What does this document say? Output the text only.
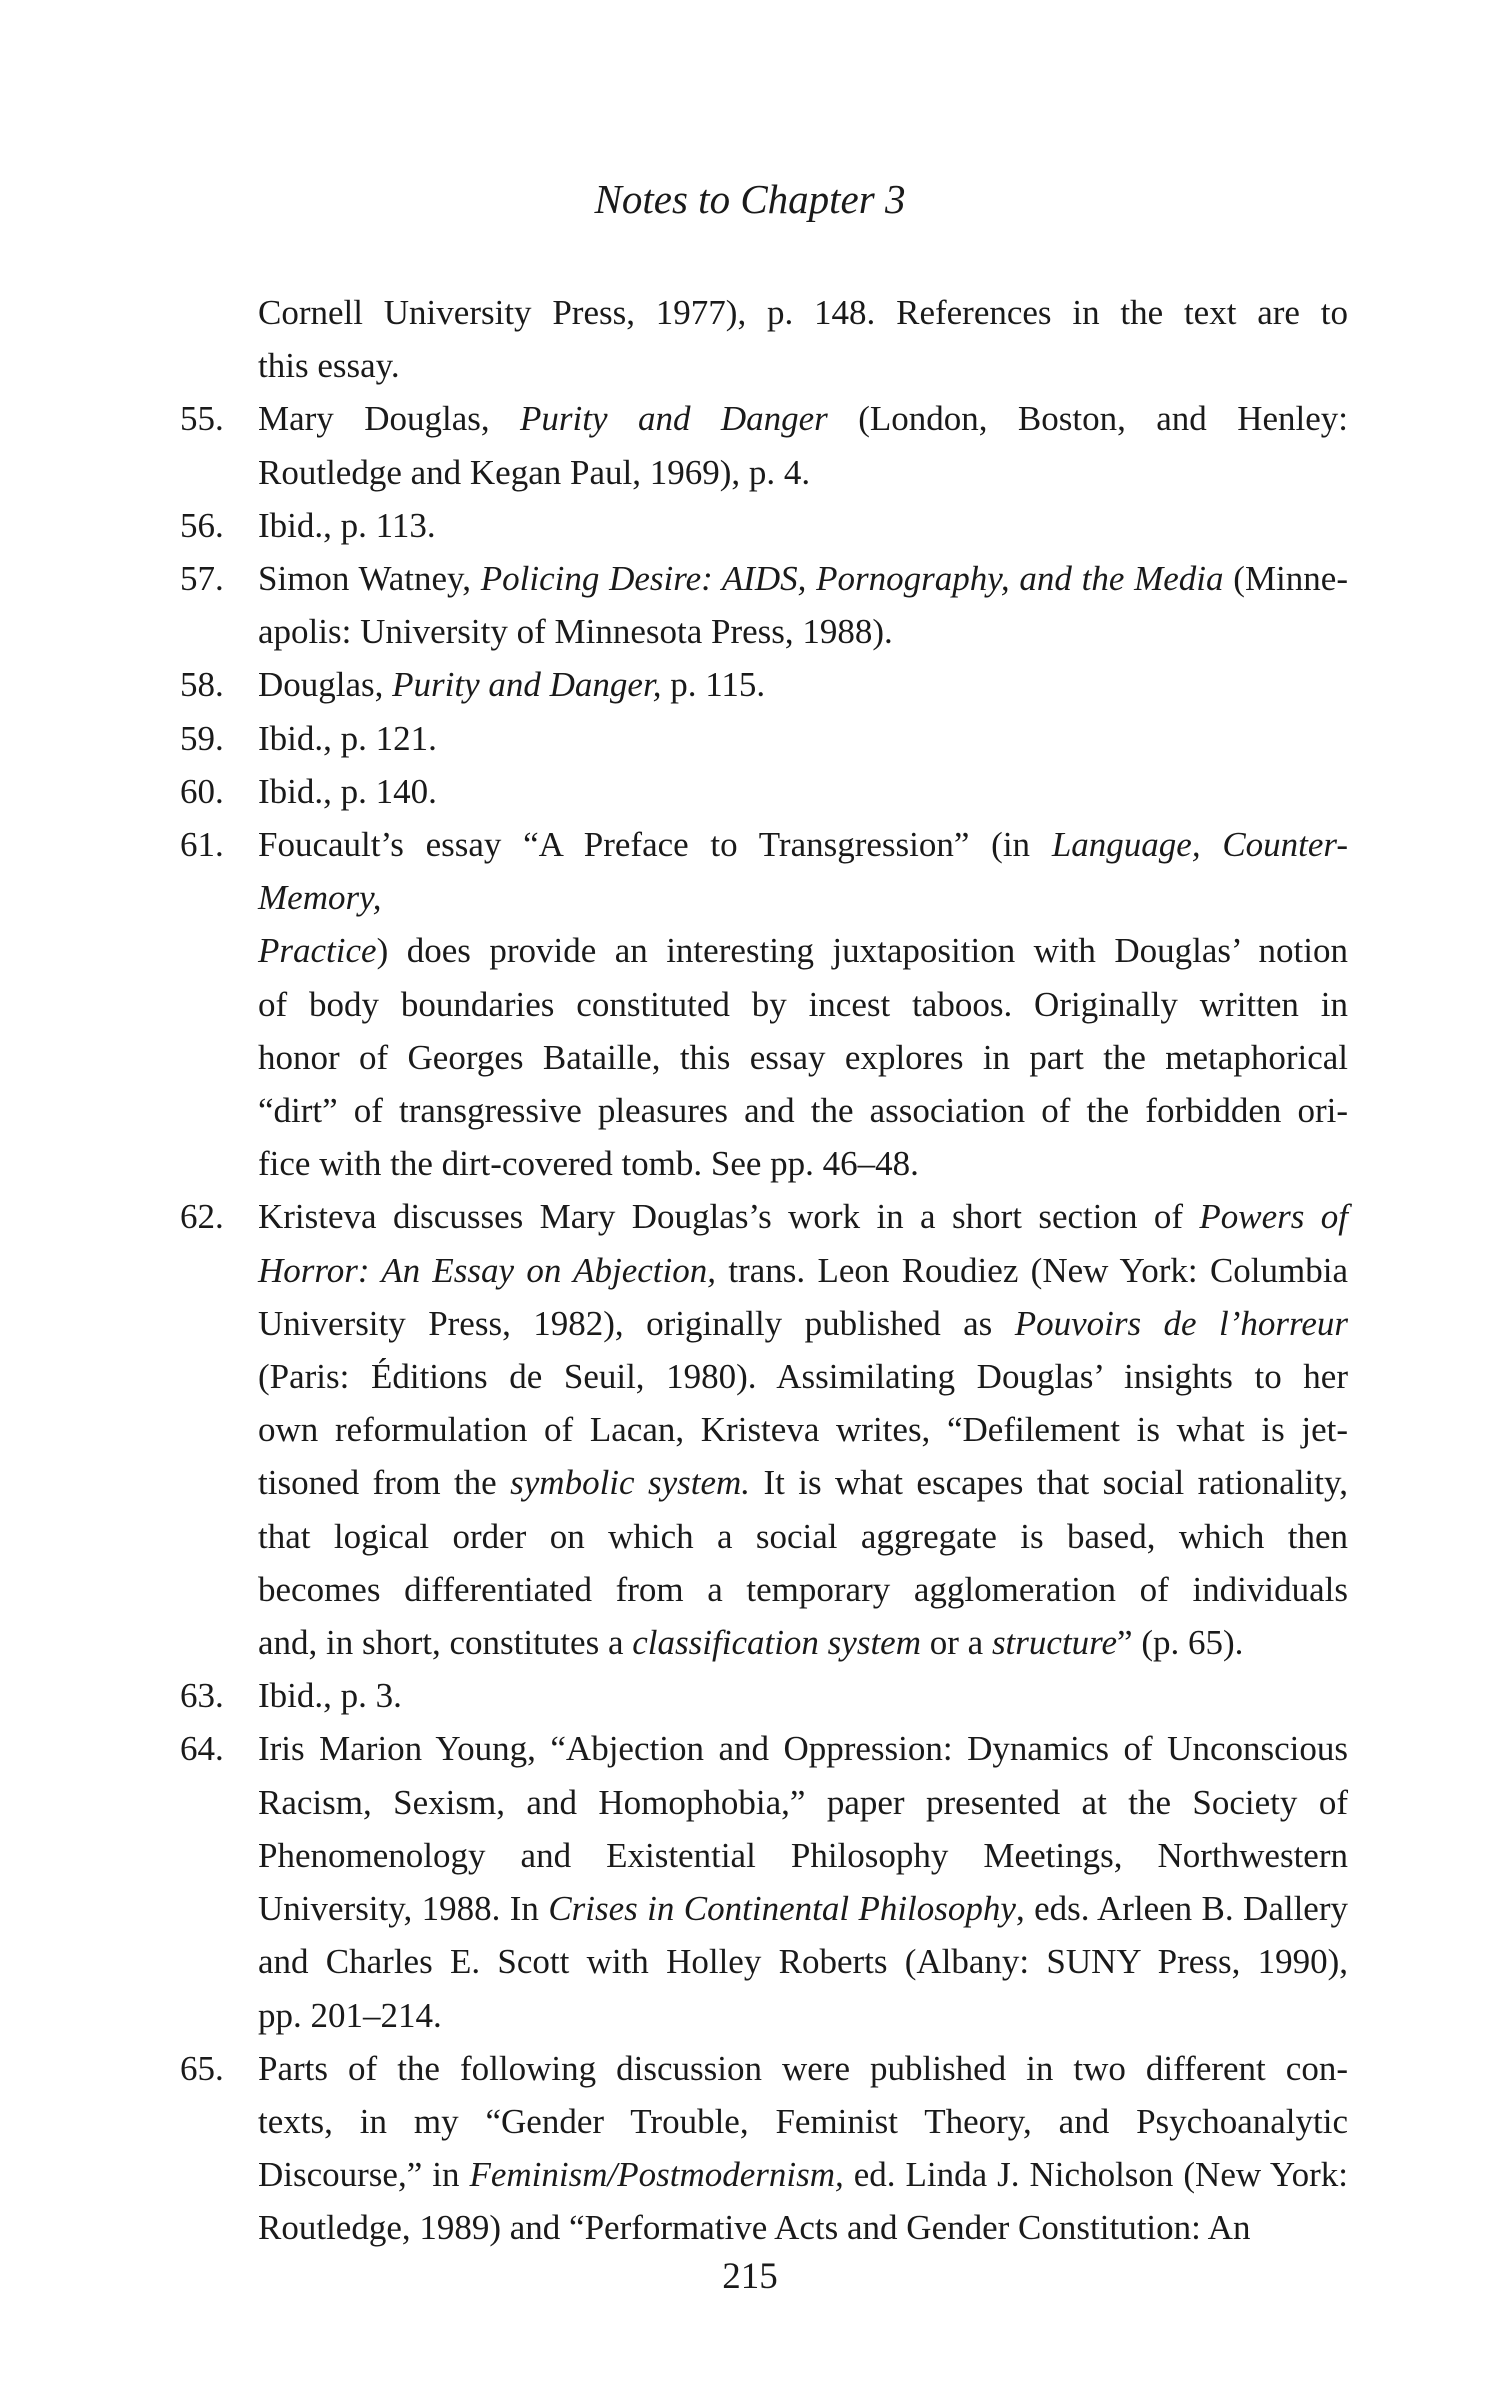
Notes to Chapter 3
Cornell University Press, 1977), p. 148. References in the text are to
this essay.
55. Mary Douglas, Purity and Danger (London, Boston, and Henley:
Routledge and Kegan Paul, 1969), p. 4.
56. Ibid., p. 113.
57. Simon Watney, Policing Desire: AIDS, Pornography, and the Media (Minne-
apolis: University of Minnesota Press, 1988).
58. Douglas, Purity and Danger, p. 115.
59. Ibid., p. 121.
60. Ibid., p. 140.
61. Foucault’s essay “A Preface to Transgression” (in Language, Counter-Memory,
Practice) does provide an interesting juxtaposition with Douglas’ notion
of body boundaries constituted by incest taboos. Originally written in
honor of Georges Bataille, this essay explores in part the metaphorical
“dirt” of transgressive pleasures and the association of the forbidden ori-
fice with the dirt-covered tomb. See pp. 46–48.
62. Kristeva discusses Mary Douglas’s work in a short section of Powers of
Horror: An Essay on Abjection, trans. Leon Roudiez (New York: Columbia
University Press, 1982), originally published as Pouvoirs de l’horreur
(Paris: Éditions de Seuil, 1980). Assimilating Douglas’ insights to her
own reformulation of Lacan, Kristeva writes, “Defilement is what is jet-
tisoned from the symbolic system. It is what escapes that social rationality,
that logical order on which a social aggregate is based, which then
becomes differentiated from a temporary agglomeration of individuals
and, in short, constitutes a classification system or a structure” (p. 65).
63. Ibid., p. 3.
64. Iris Marion Young, “Abjection and Oppression: Dynamics of Unconscious
Racism, Sexism, and Homophobia,” paper presented at the Society of
Phenomenology and Existential Philosophy Meetings, Northwestern
University, 1988. In Crises in Continental Philosophy, eds. Arleen B. Dallery
and Charles E. Scott with Holley Roberts (Albany: SUNY Press, 1990),
pp. 201–214.
65. Parts of the following discussion were published in two different con-
texts, in my “Gender Trouble, Feminist Theory, and Psychoanalytic
Discourse,” in Feminism/Postmodernism, ed. Linda J. Nicholson (New York:
Routledge, 1989) and “Performative Acts and Gender Constitution: An
215
